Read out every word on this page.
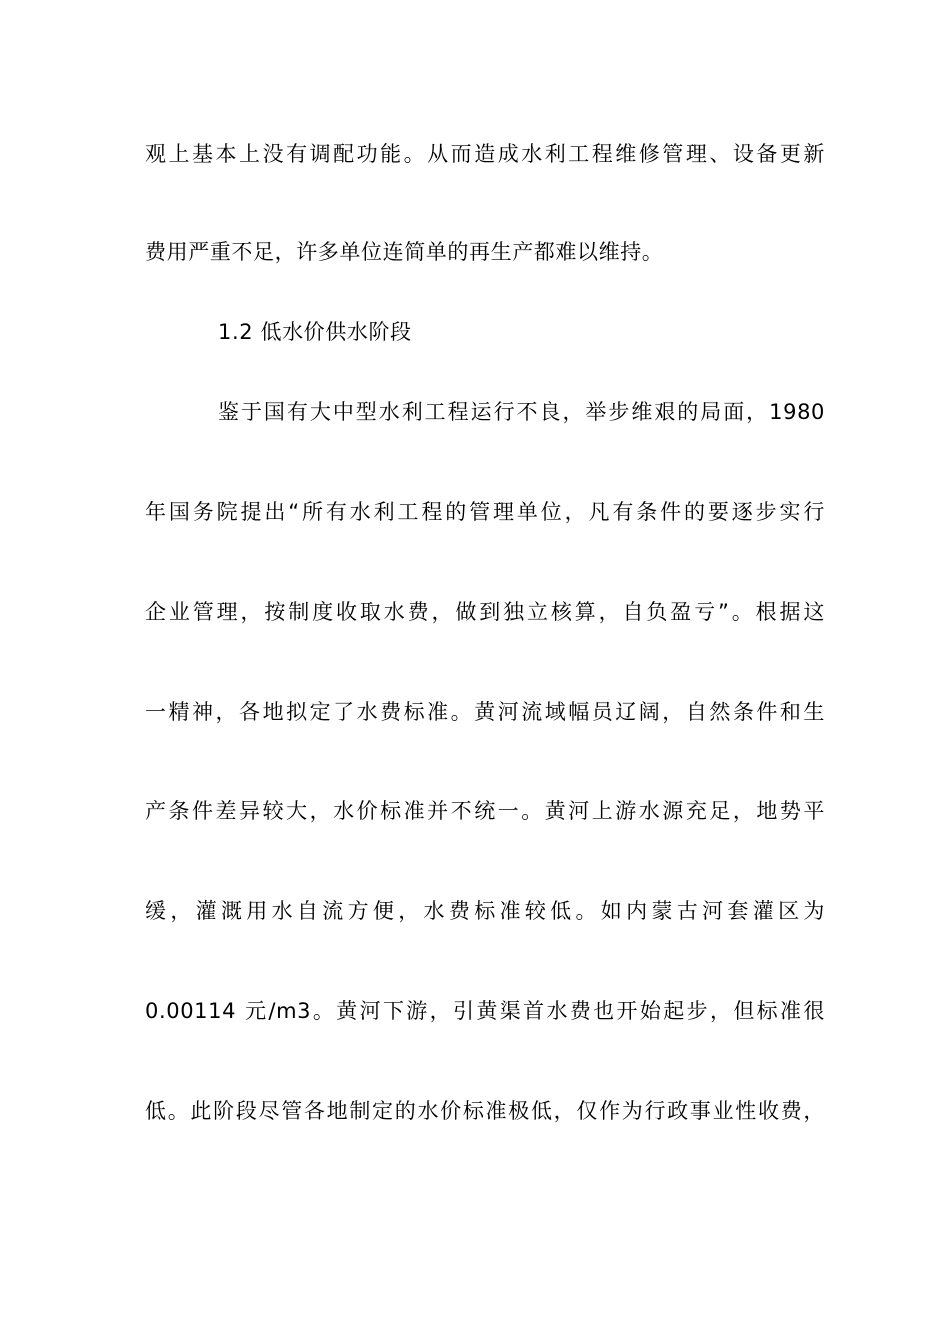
观上基本上没有调配功能。从而造成水利工程维修管理、设备更新
费用严重不足，许多单位连简单的再生产都难以维持。
1.2 低水价供水阶段
鉴于国有大中型水利工程运行不良，举步维艰的局面，1980
年国务院提出“所有水利工程的管理单位，凡有条件的要逐步实行
企业管理，按制度收取水费，做到独立核算，自负盈亏”。根据这
一精神，各地拟定了水费标准。黄河流域幅员辽阔，自然条件和生
产条件差异较大，水价标准并不统一。黄河上游水源充足，地势平
缓，灌溉用水自流方便，水费标准较低。如内蒙古河套灌区为
0.00114 元/m3。黄河下游，引黄渠首水费也开始起步，但标准很
低。此阶段尽管各地制定的水价标准极低，仅作为行政事业性收费，
